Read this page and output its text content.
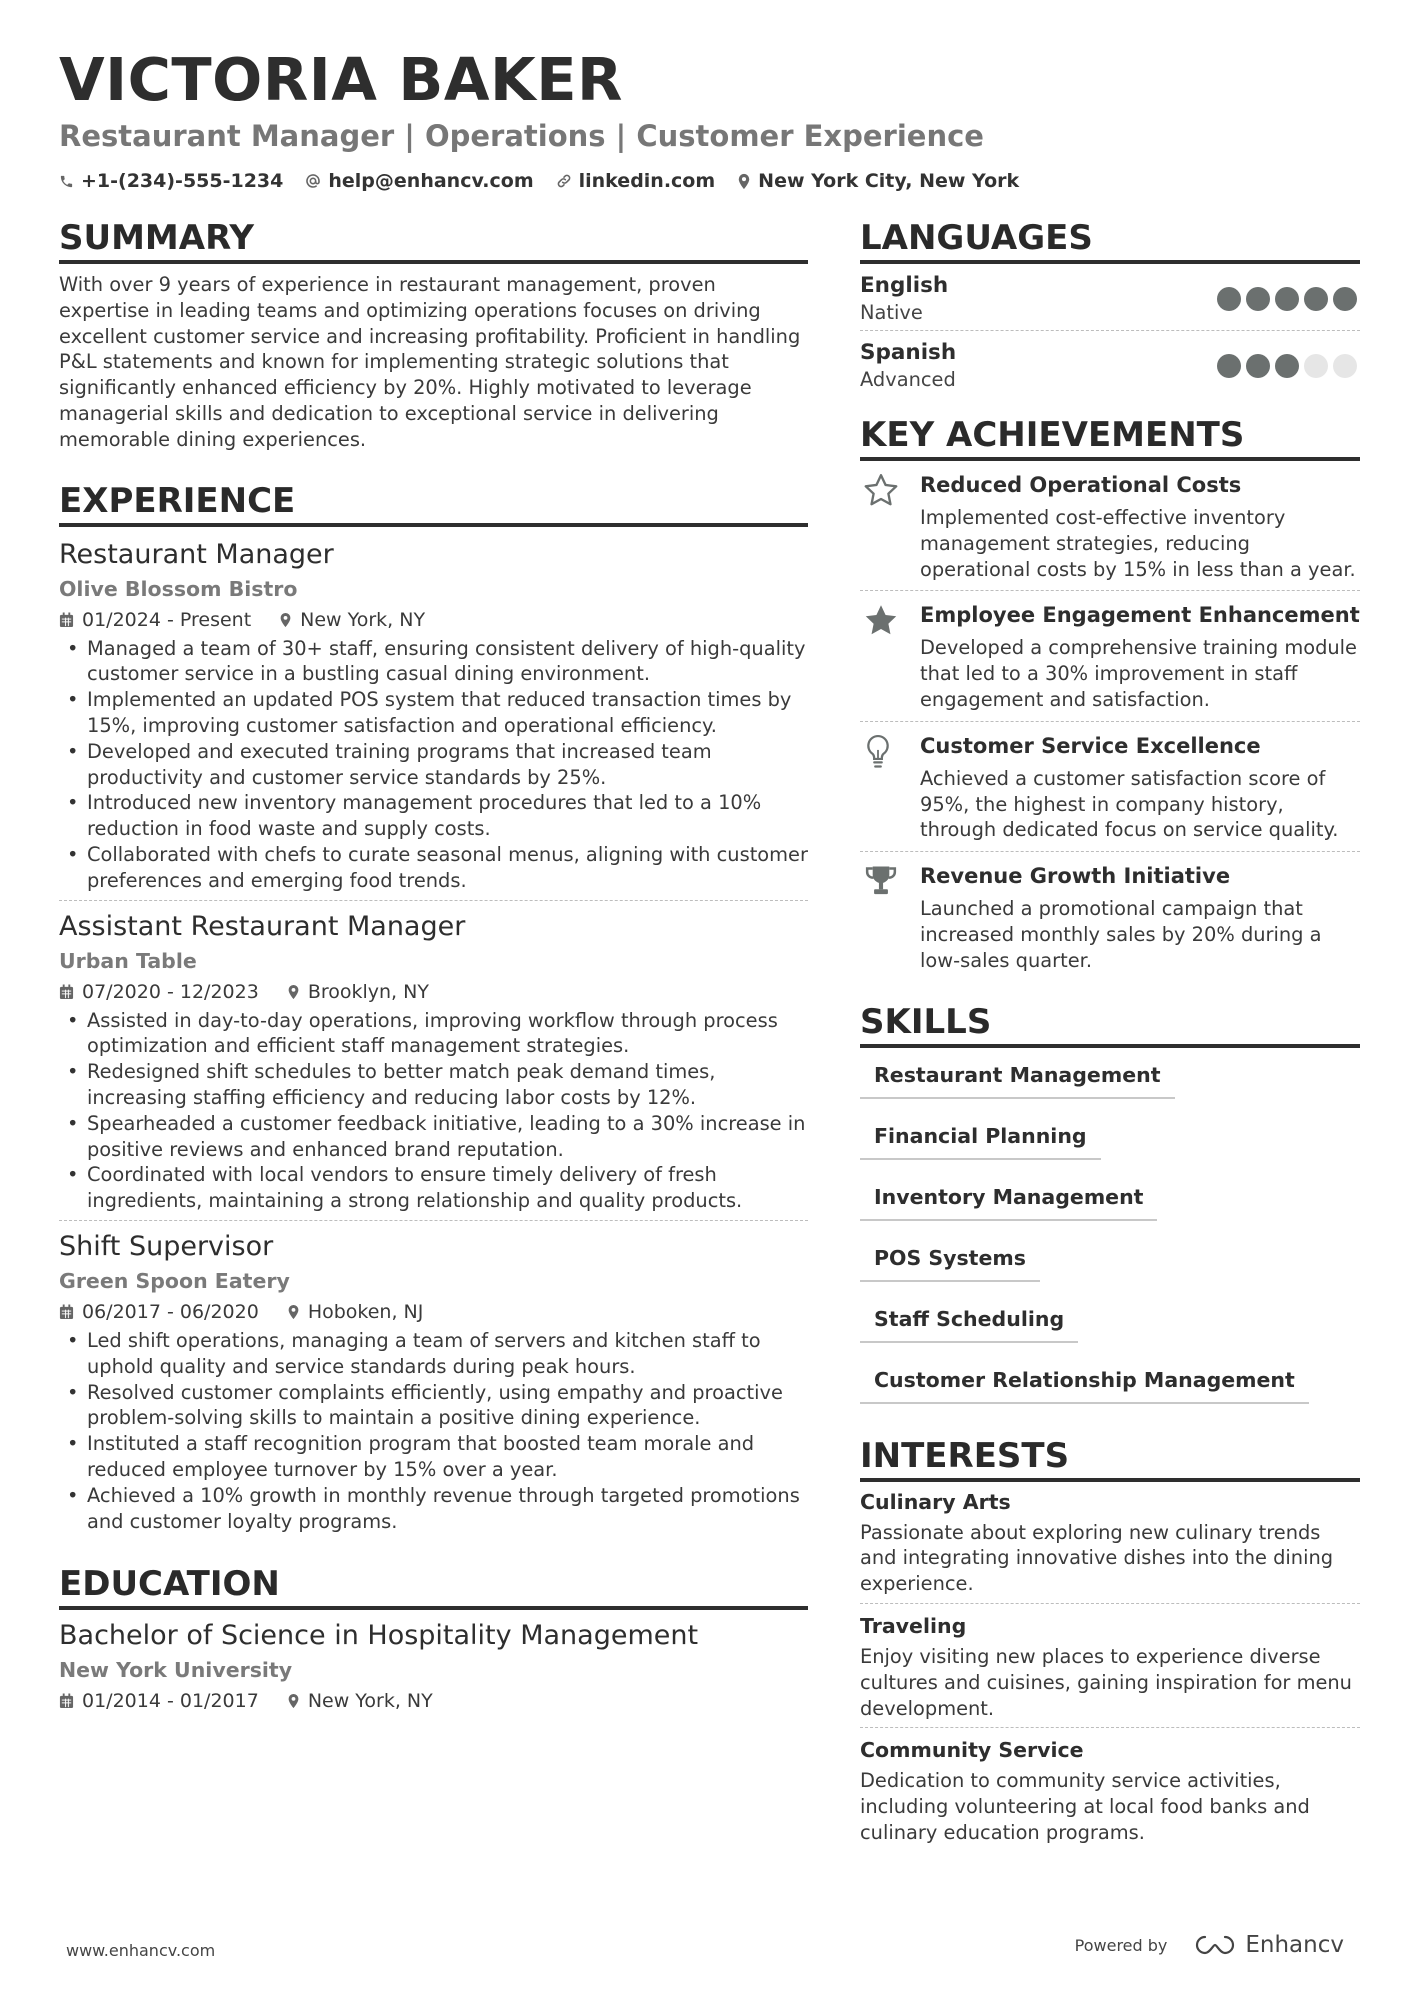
VICTORIA BAKER
Restaurant Manager | Operations | Customer Experience
+1-(234)-555-1234 help@enhancv.com linkedin.com New York City, New York
SUMMARY
With over 9 years of experience in restaurant management, proven expertise in leading teams and optimizing operations focuses on driving excellent customer service and increasing profitability. Proficient in handling P&L statements and known for implementing strategic solutions that significantly enhanced efficiency by 20%. Highly motivated to leverage managerial skills and dedication to exceptional service in delivering memorable dining experiences.
EXPERIENCE
Restaurant Manager
Olive Blossom Bistro
01/2024 - Present	New York, NY
• Managed a team of 30+ staff, ensuring consistent delivery of high-quality customer service in a bustling casual dining environment.
• Implemented an updated POS system that reduced transaction times by 15%, improving customer satisfaction and operational efficiency.
• Developed and executed training programs that increased team productivity and customer service standards by 25%.
• Introduced new inventory management procedures that led to a 10% reduction in food waste and supply costs.
• Collaborated with chefs to curate seasonal menus, aligning with customer preferences and emerging food trends.
Assistant Restaurant Manager
Urban Table
07/2020 - 12/2023	Brooklyn, NY
• Assisted in day-to-day operations, improving workflow through process optimization and efficient staff management strategies.
• Redesigned shift schedules to better match peak demand times, increasing staffing efficiency and reducing labor costs by 12%.
• Spearheaded a customer feedback initiative, leading to a 30% increase in positive reviews and enhanced brand reputation.
• Coordinated with local vendors to ensure timely delivery of fresh ingredients, maintaining a strong relationship and quality products.
Shift Supervisor
Green Spoon Eatery
06/2017 - 06/2020	Hoboken, NJ
• Led shift operations, managing a team of servers and kitchen staff to uphold quality and service standards during peak hours.
• Resolved customer complaints efficiently, using empathy and proactive problem-solving skills to maintain a positive dining experience.
• Instituted a staff recognition program that boosted team morale and reduced employee turnover by 15% over a year.
• Achieved a 10% growth in monthly revenue through targeted promotions and customer loyalty programs.
EDUCATION
Bachelor of Science in Hospitality Management
New York University
01/2014 - 01/2017	New York, NY
LANGUAGES
English
Native
Spanish
Advanced
KEY ACHIEVEMENTS
Reduced Operational Costs
Implemented cost-effective inventory management strategies, reducing operational costs by 15% in less than a year.
Employee Engagement Enhancement
Developed a comprehensive training module that led to a 30% improvement in staff engagement and satisfaction.
Customer Service Excellence
Achieved a customer satisfaction score of 95%, the highest in company history, through dedicated focus on service quality.
Revenue Growth Initiative
Launched a promotional campaign that increased monthly sales by 20% during a low-sales quarter.
SKILLS
Restaurant Management
Financial Planning
Inventory Management
POS Systems
Staff Scheduling
Customer Relationship Management
INTERESTS
Culinary Arts
Passionate about exploring new culinary trends and integrating innovative dishes into the dining experience.
Traveling
Enjoy visiting new places to experience diverse cultures and cuisines, gaining inspiration for menu development.
Community Service
Dedication to community service activities, including volunteering at local food banks and culinary education programs.
www.enhancv.com	Powered by	Enhancv
